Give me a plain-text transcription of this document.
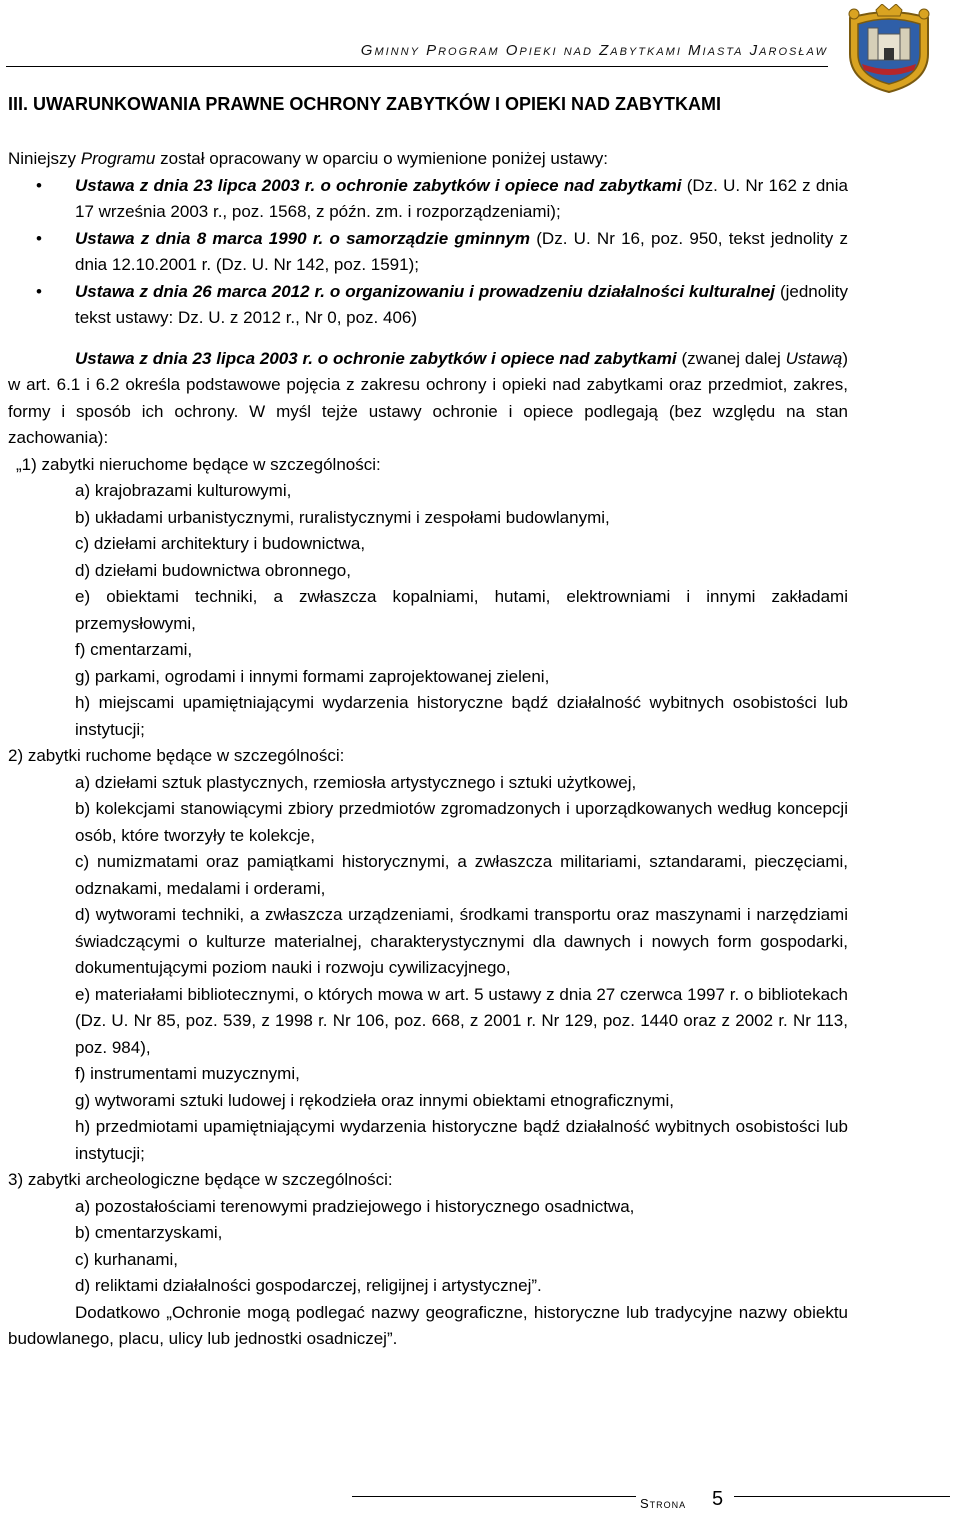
Gminny Program Opieki nad Zabytkami Miasta Jarosław
III. UWARUNKOWANIA PRAWNE OCHRONY ZABYTKÓW I OPIEKI NAD ZABYTKAMI

Niniejszy Programu został opracowany w oparciu o wymienione poniżej ustawy:

• Ustawa z dnia 23 lipca 2003 r. o ochronie zabytków i opiece nad zabytkami (Dz. U. Nr 162 z dnia 17 września 2003 r., poz. 1568, z późn. zm. i rozporządzeniami);

• Ustawa z dnia 8 marca 1990 r. o samorządzie gminnym (Dz. U. Nr 16, poz. 950, tekst jednolity z dnia 12.10.2001 r. (Dz. U. Nr 142, poz. 1591);

• Ustawa z dnia 26 marca 2012 r. o organizowaniu i prowadzeniu działalności kulturalnej (jednolity tekst ustawy: Dz. U. z 2012 r., Nr 0, poz. 406)

Ustawa z dnia 23 lipca 2003 r. o ochronie zabytków i opiece nad zabytkami (zwanej dalej Ustawą) w art. 6.1 i 6.2 określa podstawowe pojęcia z zakresu ochrony i opieki nad zabytkami oraz przedmiot, zakres, formy i sposób ich ochrony. W myśl tejże ustawy ochronie i opiece podlegają (bez względu na stan zachowania):

„1) zabytki nieruchome będące w szczególności:

a) krajobrazami kulturowymi,

b) układami urbanistycznymi, ruralistycznymi i zespołami budowlanymi,

c) dziełami architektury i budownictwa,

d) dziełami budownictwa obronnego,

e) obiektami techniki, a zwłaszcza kopalniami, hutami, elektrowniami i innymi zakładami przemysłowymi,

f) cmentarzami,

g) parkami, ogrodami i innymi formami zaprojektowanej zieleni,

h) miejscami upamiętniającymi wydarzenia historyczne bądź działalność wybitnych osobistości lub instytucji;

2) zabytki ruchome będące w szczególności:

a) dziełami sztuk plastycznych, rzemiosła artystycznego i sztuki użytkowej,

b) kolekcjami stanowiącymi zbiory przedmiotów zgromadzonych i uporządkowanych według koncepcji osób, które tworzyły te kolekcje,

c) numizmatami oraz pamiątkami historycznymi, a zwłaszcza militariami, sztandarami, pieczęciami, odznakami, medalami i orderami,

d) wytworami techniki, a zwłaszcza urządzeniami, środkami transportu oraz maszynami i narzędziami świadczącymi o kulturze materialnej, charakterystycznymi dla dawnych i nowych form gospodarki, dokumentującymi poziom nauki i rozwoju cywilizacyjnego,

e) materiałami bibliotecznymi, o których mowa w art. 5 ustawy z dnia 27 czerwca 1997 r. o bibliotekach (Dz. U. Nr 85, poz. 539, z 1998 r. Nr 106, poz. 668, z 2001 r. Nr 129, poz. 1440 oraz z 2002 r. Nr 113, poz. 984),

f) instrumentami muzycznymi,

g) wytworami sztuki ludowej i rękodzieła oraz innymi obiektami etnograficznymi,

h) przedmiotami upamiętniającymi wydarzenia historyczne bądź działalność wybitnych osobistości lub instytucji;

3) zabytki archeologiczne będące w szczególności:

a) pozostałościami terenowymi pradziejowego i historycznego osadnictwa,

b) cmentarzyskami,

c) kurhanami,

d) reliktami działalności gospodarczej, religijnej i artystycznej”.

Dodatkowo „Ochronie mogą podlegać nazwy geograficzne, historyczne lub tradycyjne nazwy obiektu budowlanego, placu, ulicy lub jednostki osadniczej”.

Strona 5
